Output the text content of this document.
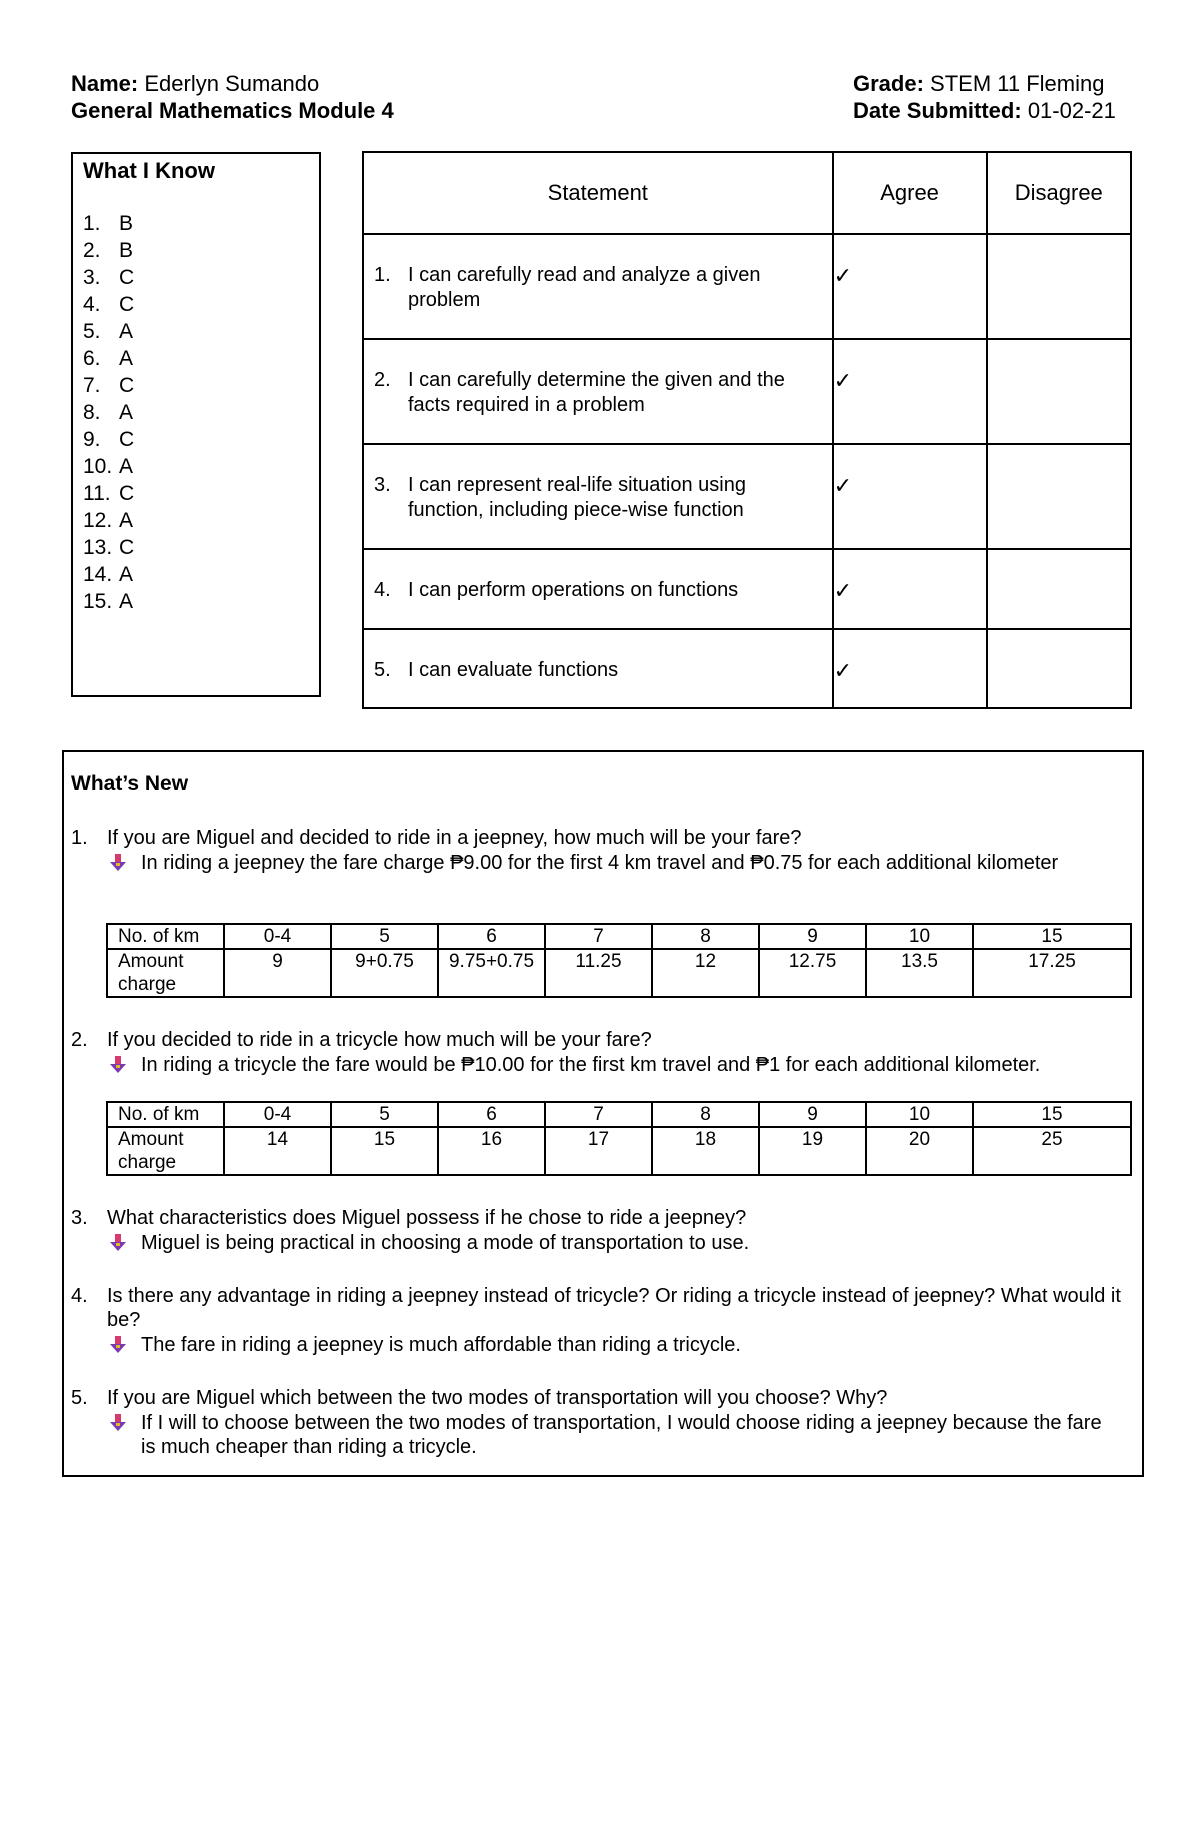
Name: Ederlyn Sumando
General Mathematics Module 4
Grade: STEM 11 Fleming
Date Submitted: 01-02-21
What I Know
1. B
2. B
3. C
4. C
5. A
6. A
7. C
8. A
9. C
10. A
11. C
12. A
13. C
14. A
15. A
Statement	Agree	Disagree

1. I can carefully read and analyze a given problem	✓	

2. I can carefully determine the given and the facts required in a problem	✓	

3. I can represent real-life situation using function, including piece-wise function	✓	

4. I can perform operations on functions	✓	

5. I can evaluate functions	✓	
What’s New
1. If you are Miguel and decided to ride in a jeepney, how much will be your fare?
In riding a jeepney the fare charge ₱9.00 for the first 4 km travel and ₱0.75 for each additional kilometer
No. of km	0-4	5	6	7	8	9	10	15
Amount charge	9	9+0.75	9.75+0.75	11.25	12	12.75	13.5	17.25
2. If you decided to ride in a tricycle how much will be your fare?
In riding a tricycle the fare would be ₱10.00 for the first km travel and ₱1 for each additional kilometer.
No. of km	0-4	5	6	7	8	9	10	15
Amount charge	14	15	16	17	18	19	20	25
3. What characteristics does Miguel possess if he chose to ride a jeepney?
Miguel is being practical in choosing a mode of transportation to use.
4. Is there any advantage in riding a jeepney instead of tricycle? Or riding a tricycle instead of jeepney? What would it be?
The fare in riding a jeepney is much affordable than riding a tricycle.
5. If you are Miguel which between the two modes of transportation will you choose? Why?
If I will to choose between the two modes of transportation, I would choose riding a jeepney because the fare is much cheaper than riding a tricycle.
